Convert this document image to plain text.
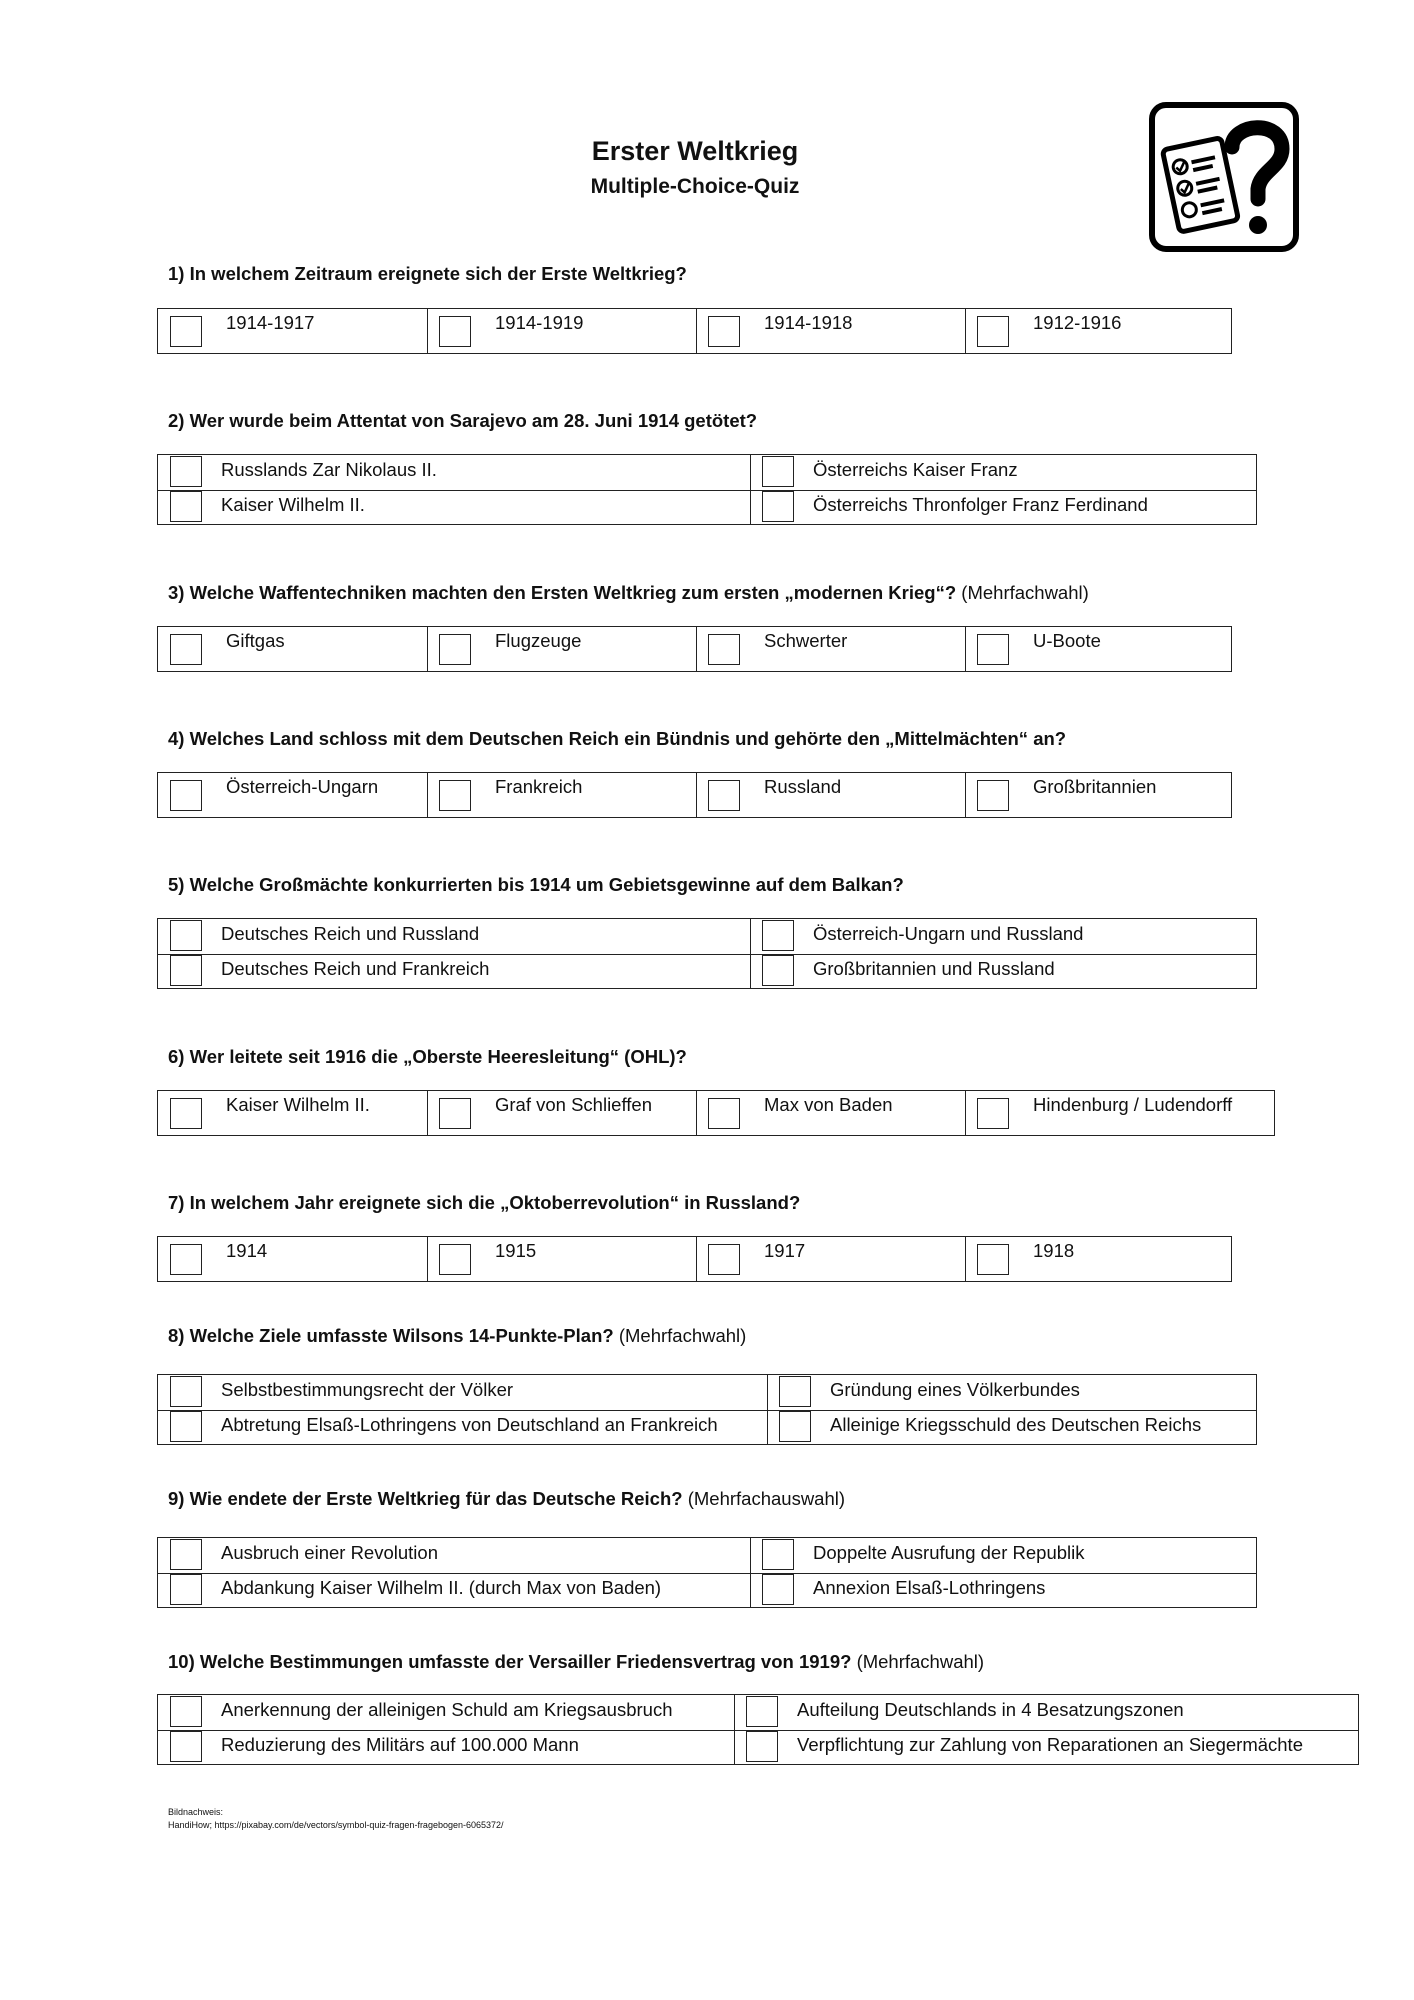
Erster Weltkrieg
Multiple-Choice-Quiz
1) In welchem Zeitraum ereignete sich der Erste Weltkrieg?
1914-1917	1914-1919	1914-1918	1912-1916
2) Wer wurde beim Attentat von Sarajevo am 28. Juni 1914 getötet?
Russlands Zar Nikolaus II.	Österreichs Kaiser Franz
Kaiser Wilhelm II.	Österreichs Thronfolger Franz Ferdinand
3) Welche Waffentechniken machten den Ersten Weltkrieg zum ersten „modernen Krieg“? (Mehrfachwahl)
Giftgas	Flugzeuge	Schwerter	U-Boote
4) Welches Land schloss mit dem Deutschen Reich ein Bündnis und gehörte den „Mittelmächten“ an?
Österreich-Ungarn	Frankreich	Russland	Großbritannien
5) Welche Großmächte konkurrierten bis 1914 um Gebietsgewinne auf dem Balkan?
Deutsches Reich und Russland	Österreich-Ungarn und Russland
Deutsches Reich und Frankreich	Großbritannien und Russland
6) Wer leitete seit 1916 die „Oberste Heeresleitung“ (OHL)?
Kaiser Wilhelm II.	Graf von Schlieffen	Max von Baden	Hindenburg / Ludendorff
7) In welchem Jahr ereignete sich die „Oktoberrevolution“ in Russland?
1914	1915	1917	1918
8) Welche Ziele umfasste Wilsons 14-Punkte-Plan? (Mehrfachwahl)
Selbstbestimmungsrecht der Völker	Gründung eines Völkerbundes
Abtretung Elsaß-Lothringens von Deutschland an Frankreich	Alleinige Kriegsschuld des Deutschen Reichs
9) Wie endete der Erste Weltkrieg für das Deutsche Reich? (Mehrfachauswahl)
Ausbruch einer Revolution	Doppelte Ausrufung der Republik
Abdankung Kaiser Wilhelm II. (durch Max von Baden)	Annexion Elsaß-Lothringens
10) Welche Bestimmungen umfasste der Versailler Friedensvertrag von 1919? (Mehrfachwahl)
Anerkennung der alleinigen Schuld am Kriegsausbruch	Aufteilung Deutschlands in 4 Besatzungszonen
Reduzierung des Militärs auf 100.000 Mann	Verpflichtung zur Zahlung von Reparationen an Siegermächte
Bildnachweis:
HandiHow; https://pixabay.com/de/vectors/symbol-quiz-fragen-fragebogen-6065372/
